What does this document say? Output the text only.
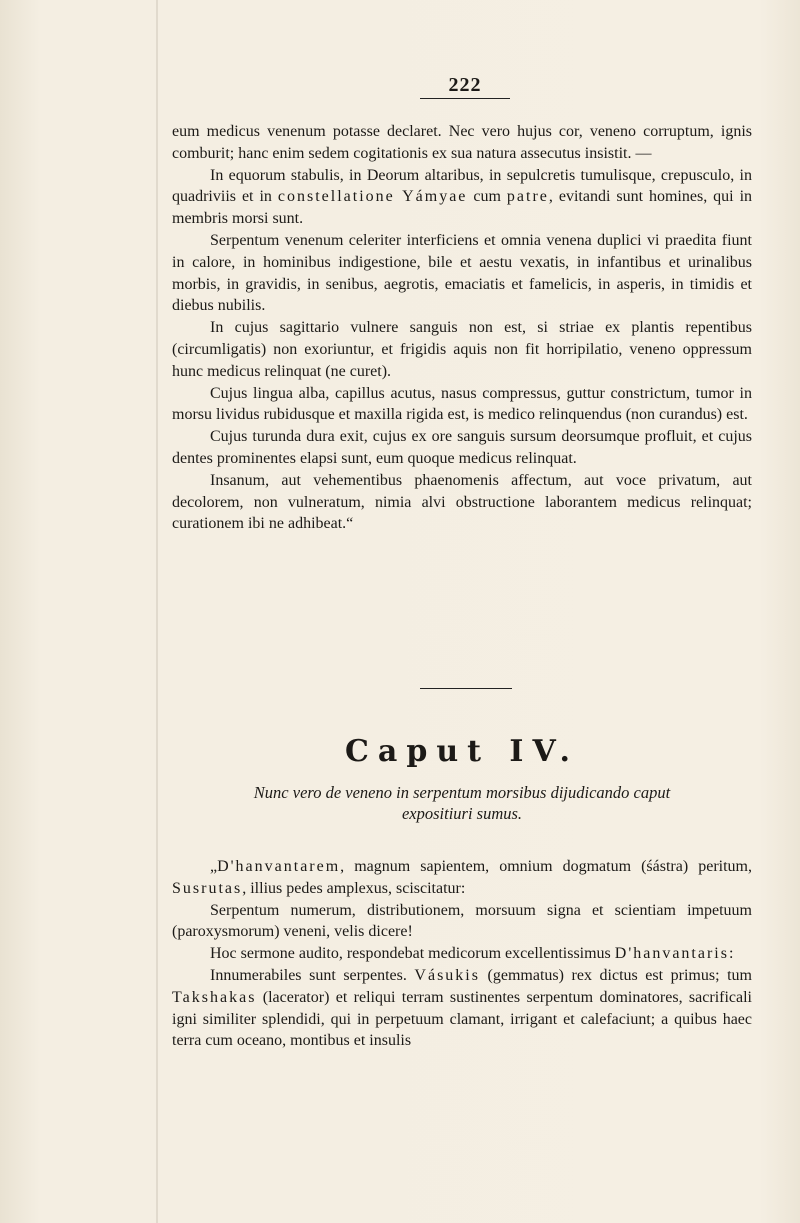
222

eum medicus venenum potasse declaret. Nec vero hujus cor, veneno corruptum, ignis comburit; hanc enim sedem cogitationis ex sua natura assecutus insistit. —

In equorum stabulis, in Deorum altaribus, in sepulcretis tumulisque, crepusculo, in quadriviis et in constellatione Yámyae cum patre, evitandi sunt homines, qui in membris morsi sunt.

Serpentum venenum celeriter interficiens et omnia venena duplici vi praedita fiunt in calore, in hominibus indigestione, bile et aestu vexatis, in infantibus et urinalibus morbis, in gravidis, in senibus, aegrotis, emaciatis et famelicis, in asperis, in timidis et diebus nubilis.

In cujus sagittario vulnere sanguis non est, si striae ex plantis repentibus (circumligatis) non exoriuntur, et frigidis aquis non fit horripilatio, veneno oppressum hunc medicus relinquat (ne curet).

Cujus lingua alba, capillus acutus, nasus compressus, guttur constrictum, tumor in morsu lividus rubidusque et maxilla rigida est, is medico relinquendus (non curandus) est.

Cujus turunda dura exit, cujus ex ore sanguis sursum deorsumque profluit, et cujus dentes prominentes elapsi sunt, eum quoque medicus relinquat.

Insanum, aut vehementibus phaenomenis affectum, aut voce privatum, aut decolorem, non vulneratum, nimia alvi obstructione laborantem medicus relinquat; curationem ibi ne adhibeat.“

Caput IV.

Nunc vero de veneno in serpentum morsibus dijudicando caput

expositiuri sumus.

„D'hanvantarem, magnum sapientem, omnium dogmatum (śástra) peritum, Susrutas, illius pedes amplexus, sciscitatur:

Serpentum numerum, distributionem, morsuum signa et scientiam impetuum (paroxysmorum) veneni, velis dicere!

Hoc sermone audito, respondebat medicorum excellentissimus D'hanvantaris:

Innumerabiles sunt serpentes. Vásukis (gemmatus) rex dictus est primus; tum Takshakas (lacerator) et reliqui terram sustinentes serpentum dominatores, sacrificali igni similiter splendidi, qui in perpetuum clamant, irrigant et calefaciunt; a quibus haec terra cum oceano, montibus et insulis
